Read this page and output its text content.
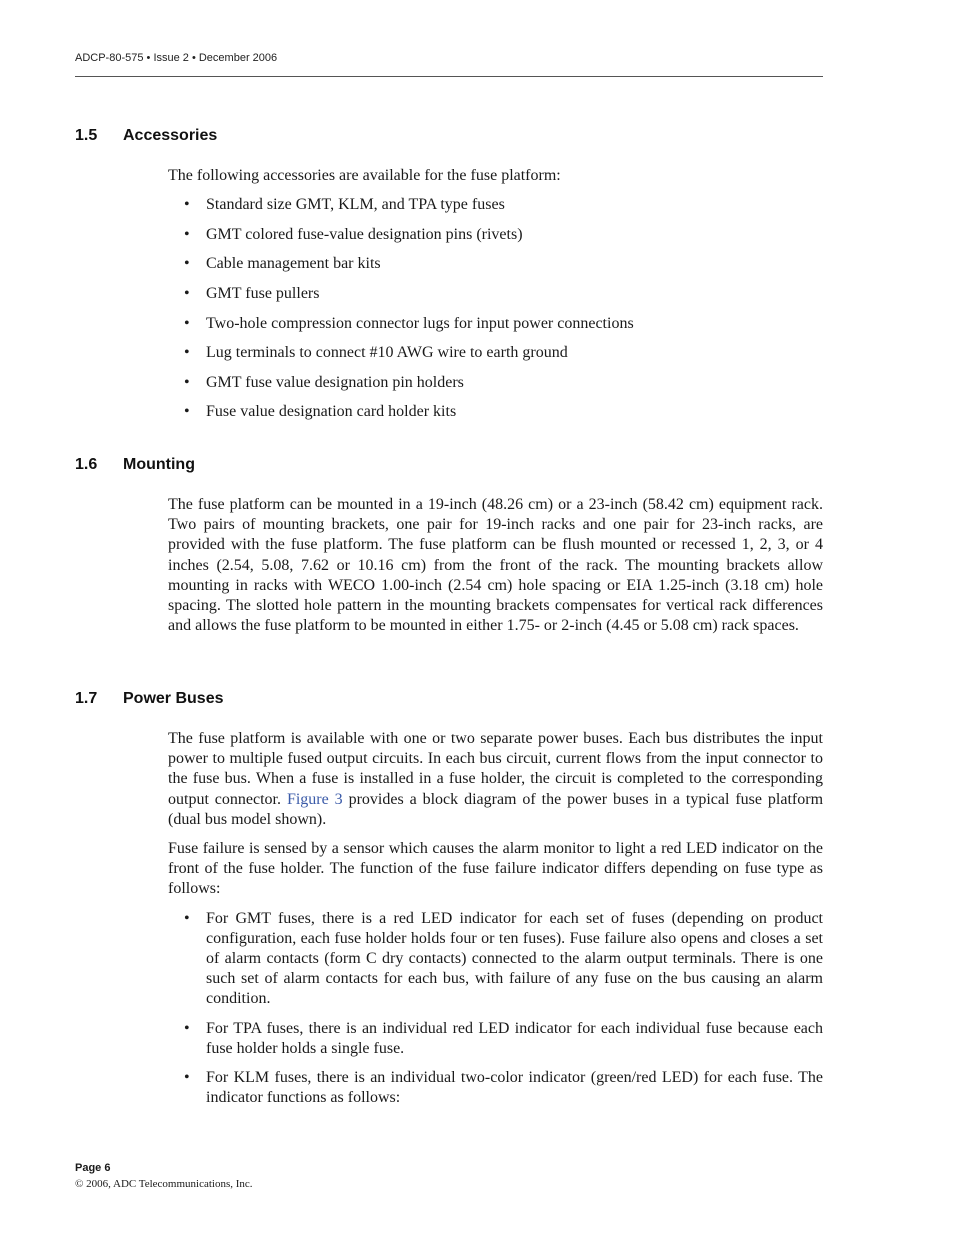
ADCP-80-575 • Issue 2 • December 2006
1.5 Accessories

The following accessories are available for the fuse platform:

• Standard size GMT, KLM, and TPA type fuses
• GMT colored fuse-value designation pins (rivets)
• Cable management bar kits
• GMT fuse pullers
• Two-hole compression connector lugs for input power connections
• Lug terminals to connect #10 AWG wire to earth ground
• GMT fuse value designation pin holders
• Fuse value designation card holder kits
1.6 Mounting

The fuse platform can be mounted in a 19-inch (48.26 cm) or a 23-inch (58.42 cm) equipment rack. Two pairs of mounting brackets, one pair for 19-inch racks and one pair for 23-inch racks, are provided with the fuse platform. The fuse platform can be flush mounted or recessed 1, 2, 3, or 4 inches (2.54, 5.08, 7.62 or 10.16 cm) from the front of the rack. The mounting brackets allow mounting in racks with WECO 1.00-inch (2.54 cm) hole spacing or EIA 1.25-inch (3.18 cm) hole spacing. The slotted hole pattern in the mounting brackets compensates for vertical rack differences and allows the fuse platform to be mounted in either 1.75- or 2-inch (4.45 or 5.08 cm) rack spaces.

1.7 Power Buses

The fuse platform is available with one or two separate power buses. Each bus distributes the input power to multiple fused output circuits. In each bus circuit, current flows from the input connector to the fuse bus. When a fuse is installed in a fuse holder, the circuit is completed to the corresponding output connector. Figure 3 provides a block diagram of the power buses in a typical fuse platform (dual bus model shown).

Fuse failure is sensed by a sensor which causes the alarm monitor to light a red LED indicator on the front of the fuse holder. The function of the fuse failure indicator differs depending on fuse type as follows:

• For GMT fuses, there is a red LED indicator for each set of fuses (depending on product configuration, each fuse holder holds four or ten fuses). Fuse failure also opens and closes a set of alarm contacts (form C dry contacts) connected to the alarm output terminals. There is one such set of alarm contacts for each bus, with failure of any fuse on the bus causing an alarm condition.
• For TPA fuses, there is an individual red LED indicator for each individual fuse because each fuse holder holds a single fuse.
• For KLM fuses, there is an individual two-color indicator (green/red LED) for each fuse. The indicator functions as follows:
Page 6
© 2006, ADC Telecommunications, Inc.
